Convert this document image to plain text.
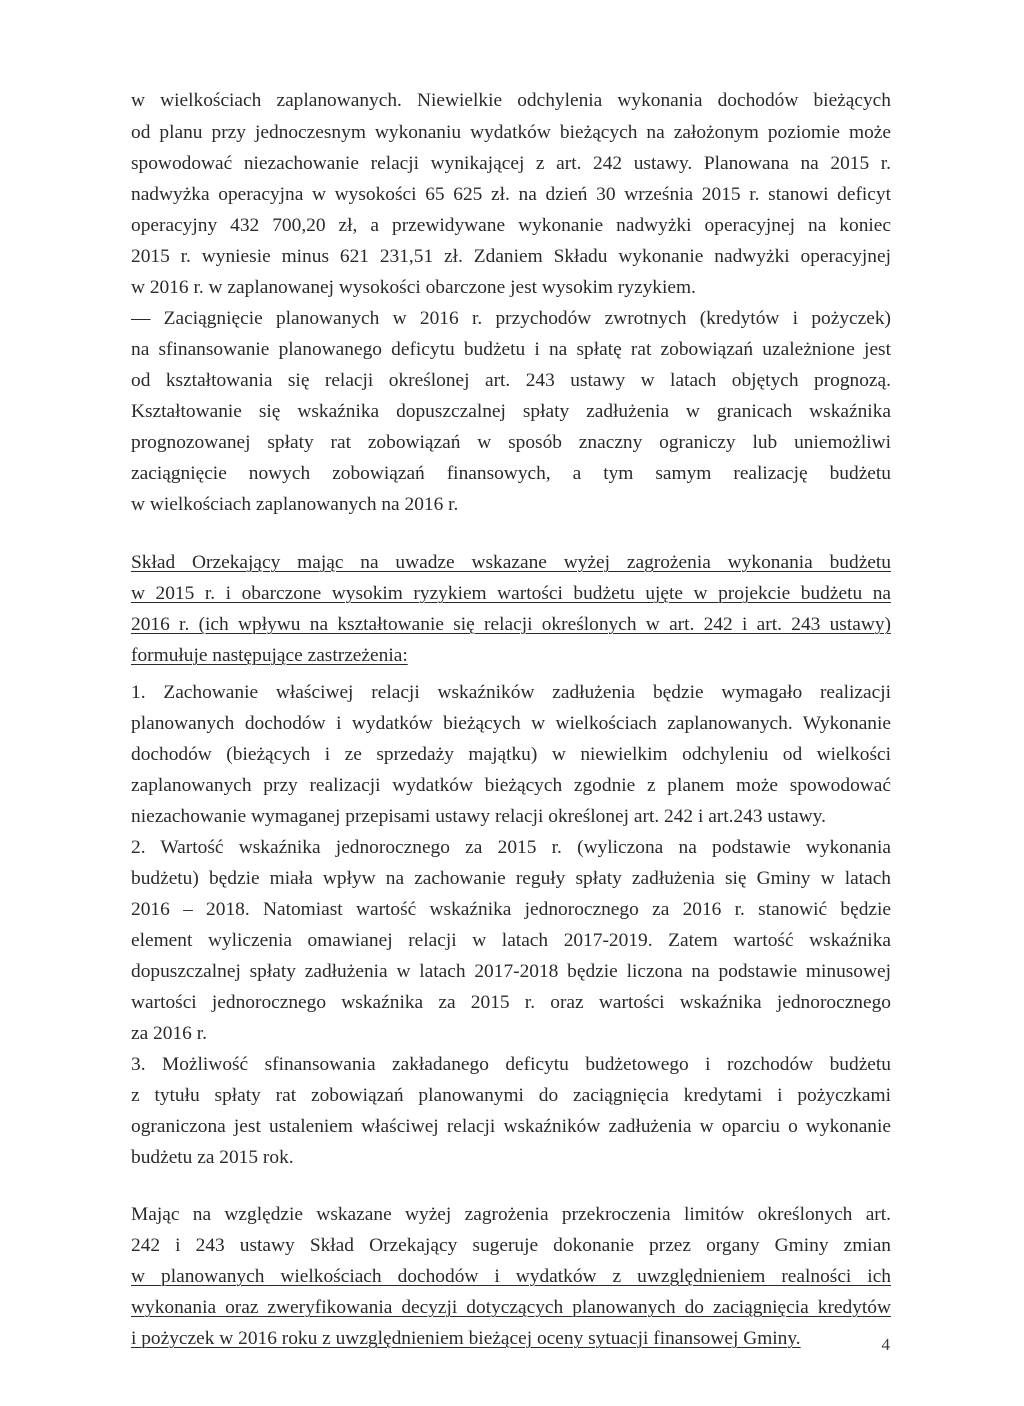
w wielkościach zaplanowanych. Niewielkie odchylenia wykonania dochodów bieżących
od planu przy jednoczesnym wykonaniu wydatków bieżących na założonym poziomie może
spowodować niezachowanie relacji wynikającej z art. 242 ustawy. Planowana na 2015 r.
nadwyżka operacyjna w wysokości 65 625 zł. na dzień 30 września 2015 r. stanowi deficyt
operacyjny 432 700,20 zł, a przewidywane wykonanie nadwyżki operacyjnej na koniec
2015 r. wyniesie minus 621 231,51 zł. Zdaniem Składu wykonanie nadwyżki operacyjnej
w 2016 r. w zaplanowanej wysokości obarczone jest wysokim ryzykiem.
— Zaciągnięcie planowanych w 2016 r. przychodów zwrotnych (kredytów i pożyczek)
na sfinansowanie planowanego deficytu budżetu i na spłatę rat zobowiązań uzależnione jest
od kształtowania się relacji określonej art. 243 ustawy w latach objętych prognozą.
Kształtowanie się wskaźnika dopuszczalnej spłaty zadłużenia w granicach wskaźnika
prognozowanej spłaty rat zobowiązań w sposób znaczny ograniczy lub uniemożliwi
zaciągnięcie nowych zobowiązań finansowych, a tym samym realizację budżetu
w wielkościach zaplanowanych na 2016 r.
Skład Orzekający mając na uwadze wskazane wyżej zagrożenia wykonania budżetu
w 2015 r. i obarczone wysokim ryzykiem wartości budżetu ujęte w projekcie budżetu na
2016 r. (ich wpływu na kształtowanie się relacji określonych w art. 242 i art. 243 ustawy)
formułuje następujące zastrzeżenia:
1. Zachowanie właściwej relacji wskaźników zadłużenia będzie wymagało realizacji
planowanych dochodów i wydatków bieżących w wielkościach zaplanowanych. Wykonanie
dochodów (bieżących i ze sprzedaży majątku) w niewielkim odchyleniu od wielkości
zaplanowanych przy realizacji wydatków bieżących zgodnie z planem może spowodować
niezachowanie wymaganej przepisami ustawy relacji określonej art. 242 i art.243 ustawy.
2. Wartość wskaźnika jednorocznego za 2015 r. (wyliczona na podstawie wykonania
budżetu) będzie miała wpływ na zachowanie reguły spłaty zadłużenia się Gminy w latach
2016 – 2018. Natomiast wartość wskaźnika jednorocznego za 2016 r. stanowić będzie
element wyliczenia omawianej relacji w latach 2017-2019. Zatem wartość wskaźnika
dopuszczalnej spłaty zadłużenia w latach 2017-2018 będzie liczona na podstawie minusowej
wartości jednorocznego wskaźnika za 2015 r. oraz wartości wskaźnika jednorocznego
za 2016 r.
3. Możliwość sfinansowania zakładanego deficytu budżetowego i rozchodów budżetu
z tytułu spłaty rat zobowiązań planowanymi do zaciągnięcia kredytami i pożyczkami
ograniczona jest ustaleniem właściwej relacji wskaźników zadłużenia w oparciu o wykonanie
budżetu za 2015 rok.
Mając na względzie wskazane wyżej zagrożenia przekroczenia limitów określonych art.
242 i 243 ustawy Skład Orzekający sugeruje dokonanie przez organy Gminy zmian
w planowanych wielkościach dochodów i wydatków z uwzględnieniem realności ich
wykonania oraz zweryfikowania decyzji dotyczących planowanych do zaciągnięcia kredytów
i pożyczek w 2016 roku z uwzględnieniem bieżącej oceny sytuacji finansowej Gminy.	4
